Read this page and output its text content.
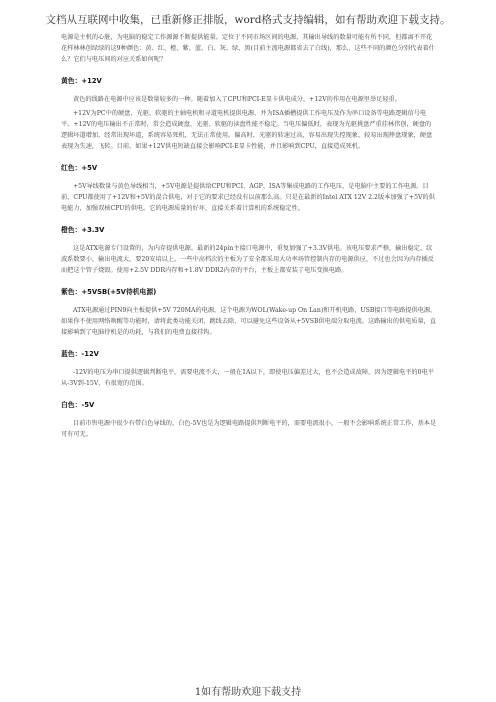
文档从互联网中收集，已重新修正排版，word格式支持编辑，如有帮助欢迎下载支持。

电源是主机的心脏，为电脑的稳定工作源源不断提供能量。定位于不同市场区间的电源，其输出导线的数量可能有所不同，但都离不开花花样林林创绿绿的这9种颜色：黄、红、橙、紫、蓝、白、灰、绿、黑(目前主流电源都省去了白线)，那么，这些不同的颜色分别代表着什么？它们与电压间的对应关系如何呢？

黄色：+12V

黄色的线路在电源中应该是数量较多的一种。随着加入了CPU和PCI-E显卡供电成分，+12V的作用在电源里举足轻重。

+12V为PC中的硬盘、光驱、软驱的主轴电机和寻道电机提供电源，并为ISA插槽提供工作电压及作为串口设备等电路逻辑信号电平。+12V的电压输出不正常时，常会造成硬盘、光驱、软驱的读盘性能不稳定。当电压偏低时，表现为光驱挑盘严重挂林伟创，硬盘的逻辑坏道增加，经常出现坏道，系统容易死机，无法正常使用。偏高时，光驱的转速过高，容易出现失控现象，较易出现摔盘现象，硬盘表现为失速，飞转。目前，如果+12V供电短缺直接会影响PCI-E显卡性能，并且影响到CPU，直接造成死机。

红色：+5V

+5V导线数量与黄色导线相当，+5V电源是提供给CPU和PCI、AGP、ISA等集成电路的工作电压，是电脑中主要的工作电源。目前，CPU都使用了+12V和+5V的混合供电，对于它的要求已经没有以前那么高。只是在最新的Intel ATX 12V 2.2版本加强了+5V的供电能力，加强双核CPU的供电。它的电源质量的好坏，直接关系着计算机的系统稳定性。

橙色：+3.3V

这是ATX电源专门设置的，为内存提供电源。最新的24pin主接口电源中，重复加强了+3.3V供电。该电压要求严格，输出稳定，纹波系数要小，输出电流大，要20安培以上。一些中高档次的主板为了安全都采用大功率场管控制内存的电源供应，不过也会因为内存插反而把这个管子烧毁。使用+2.5V DDR内存和+1.8V DDR2内存的平台，主板上都安装了电压变换电路。

紫色：+5VSB(+5V待机电源)

ATX电源通过PIN9向主板提供+5V 720MA的电源，这个电源为WOL(Wake-up On Lan)和开机电路，USB接口等电路提供电源。如果你不使用网络唤醒等功能时，请将此类功能关闭，跳线去除，可以避免这些设备从+5VSB供电端分取电流。这路输出的供电质量，直接影响到了电脑待机是的功耗，与我们的电费直接挂钩。

蓝色：-12V

-12V的电压为串口提供逻辑判断电平，需要电流不大，一般在1A以下，即使电压偏差过大，也不会造成故障，因为逻辑电平的0电平从-3V到-15V，有很宽的范围。

白色：-5V

目前市售电源中很少有带白色导线的，白色-5V也是为逻辑电路提供判断电平的，需要电流很小，一般不会影响系统正常工作，基本是可有可无。

1如有帮助欢迎下载支持
